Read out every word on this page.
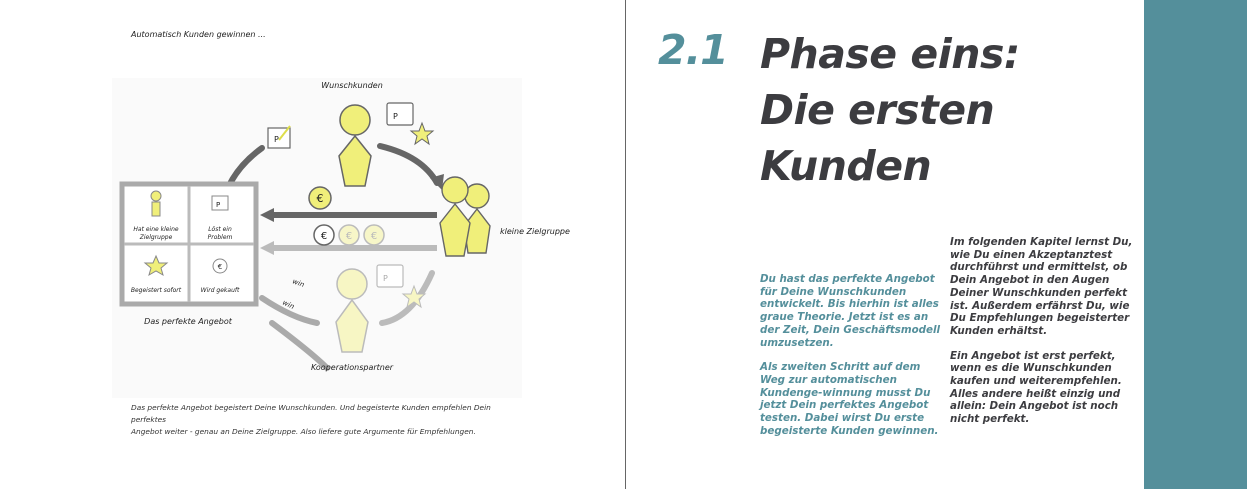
Automatisch Kunden gewinnen ...
€
€ € €
Wunschkunden
P
P
kleine Zielgruppe
P
Kooperationspartner
win
win
P
€
Hat eine kleine
Zielgruppe
Löst ein
Problem
Begeistert sofort	Wird gekauft
Das perfekte Angebot
Das perfekte Angebot begeistert Deine Wunschkunden. Und begeisterte Kunden empfehlen Dein perfektes
Angebot weiter - genau an Deine Zielgruppe. Also liefere gute Argumente für Empfehlungen.
2.1 Phase eins:
Die ersten
Kunden

Du hast das perfekte Angebot für Deine Wunschkunden entwickelt. Bis hierhin ist alles graue Theorie. Jetzt ist es an der Zeit, Dein Geschäftsmodell umzusetzen.

Als zweiten Schritt auf dem Weg zur automatischen Kundenge-winnung musst Du jetzt Dein perfektes Angebot testen. Dabei wirst Du erste begeisterte Kunden gewinnen.

Im folgenden Kapitel lernst Du, wie Du einen Akzeptanztest durchführst und ermittelst, ob Dein Angebot in den Augen Deiner Wunschkunden perfekt ist. Außerdem erfährst Du, wie Du Empfehlungen begeisterter Kunden erhältst.

Ein Angebot ist erst perfekt, wenn es die Wunschkunden kaufen und weiterempfehlen. Alles andere heißt einzig und allein: Dein Angebot ist noch nicht perfekt.
